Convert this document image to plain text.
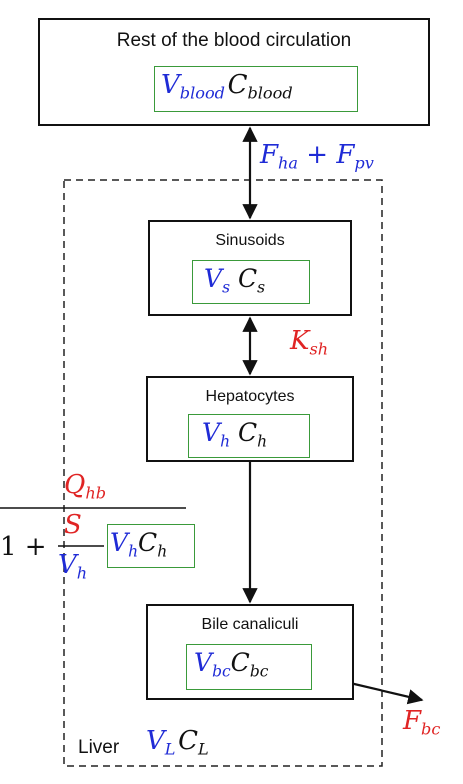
Rest of the blood circulation
$V_{blood}$ $C_{blood}$
$F_{ha} + F_{pv}$
Sinusoids
$V_s$ $C_s$
$K_{sh}$
Hepatocytes
$V_h$ $C_h$
$Q_{hb}$
1 +
S
$V_h$
$V_hC_h$
Bile canaliculi
$V_{bc}C_{bc}$
$F_{bc}$
Liver $V_L$ $C_L$
